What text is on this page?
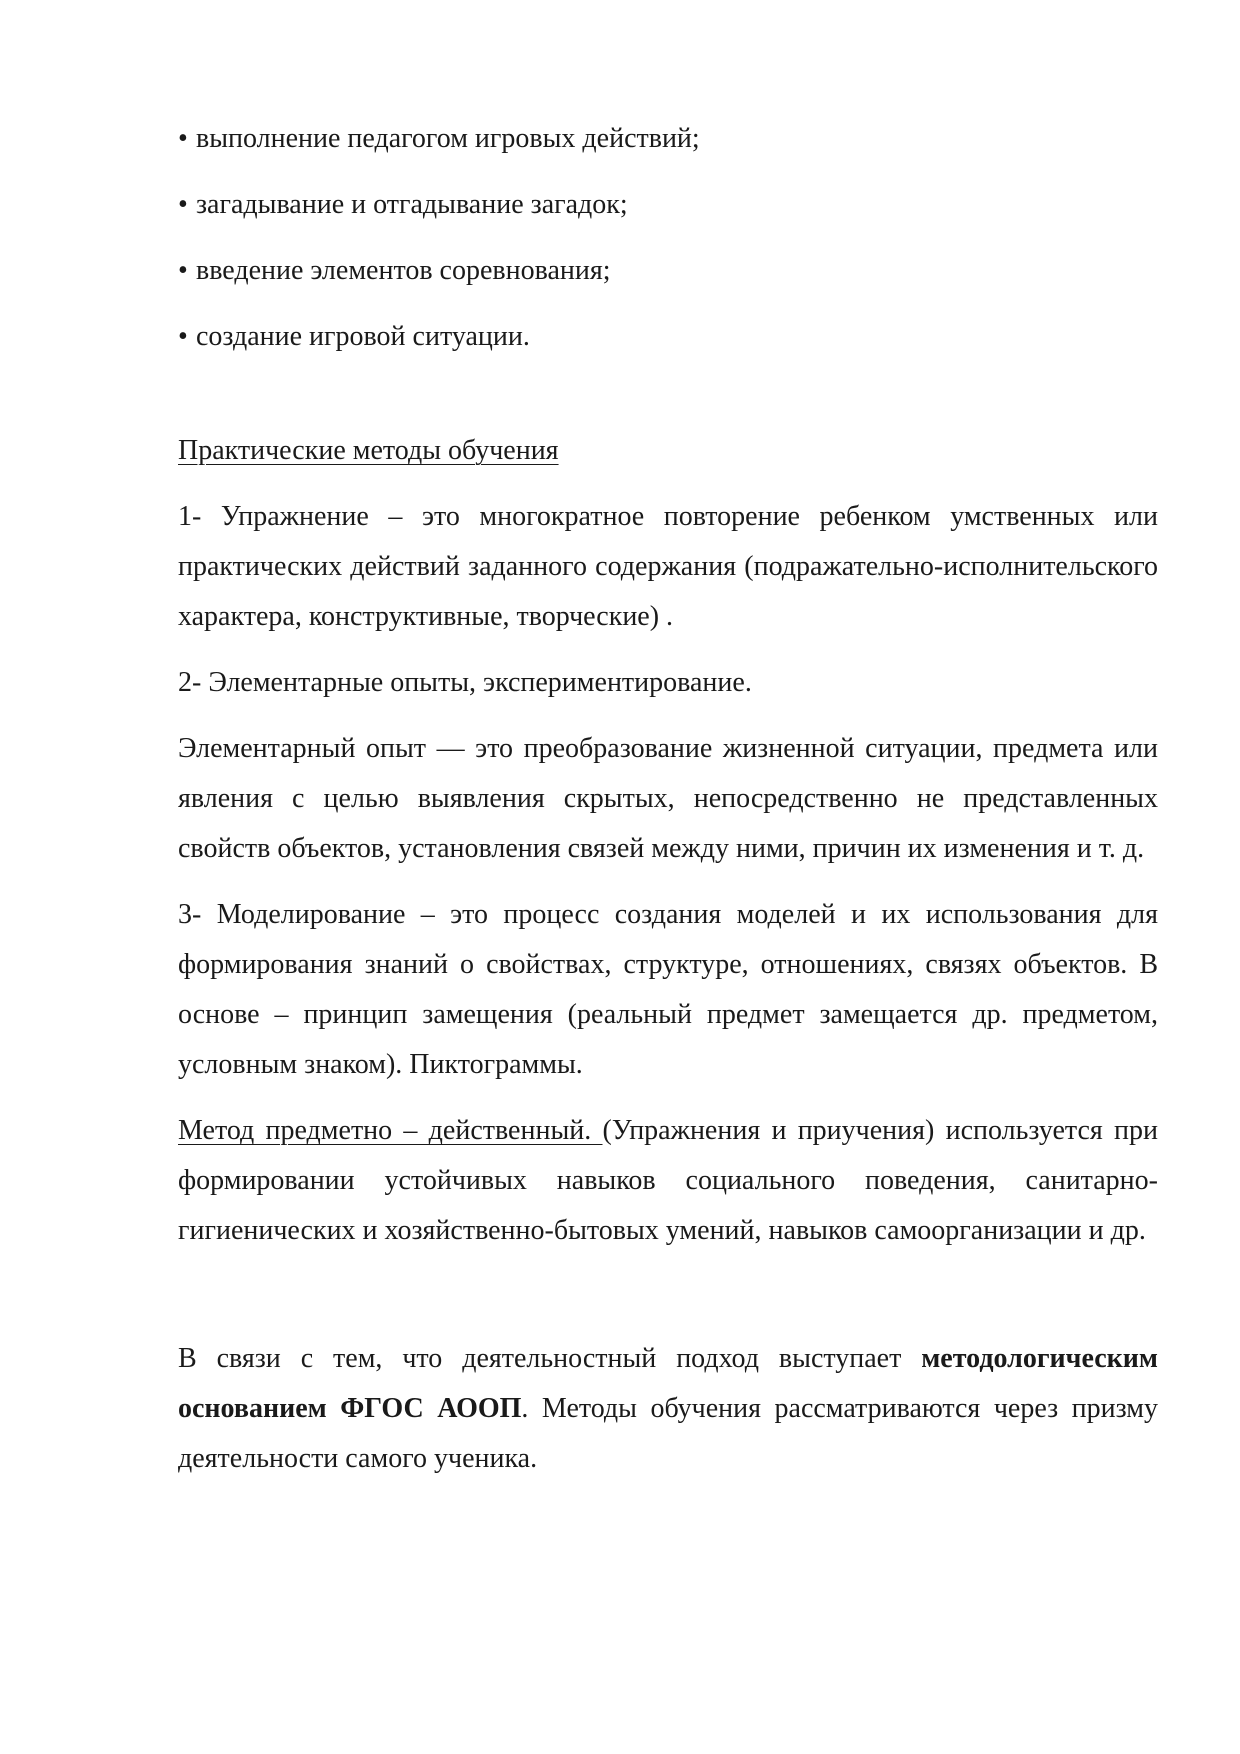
• выполнение педагогом игровых действий;
• загадывание и отгадывание загадок;
• введение элементов соревнования;
• создание игровой ситуации.

Практические методы обучения

1- Упражнение – это многократное повторение ребенком умственных или практических действий заданного содержания (подражательно-исполнительского характера, конструктивные, творческие) .

2- Элементарные опыты, экспериментирование.

Элементарный опыт — это преобразование жизненной ситуации, предмета или явления с целью выявления скрытых, непосредственно не представленных свойств объектов, установления связей между ними, причин их изменения и т. д.

3- Моделирование – это процесс создания моделей и их использования для формирования знаний о свойствах, структуре, отношениях, связях объектов. В основе – принцип замещения (реальный предмет замещается др. предметом, условным знаком). Пиктограммы.

Метод предметно – действенный. (Упражнения и приучения) используется при формировании устойчивых навыков социального поведения, санитарно-гигиенических и хозяйственно-бытовых умений, навыков самоорганизации и др.

В связи с тем, что деятельностный подход выступает методологическим основанием ФГОС АООП. Методы обучения рассматриваются через призму деятельности самого ученика.
